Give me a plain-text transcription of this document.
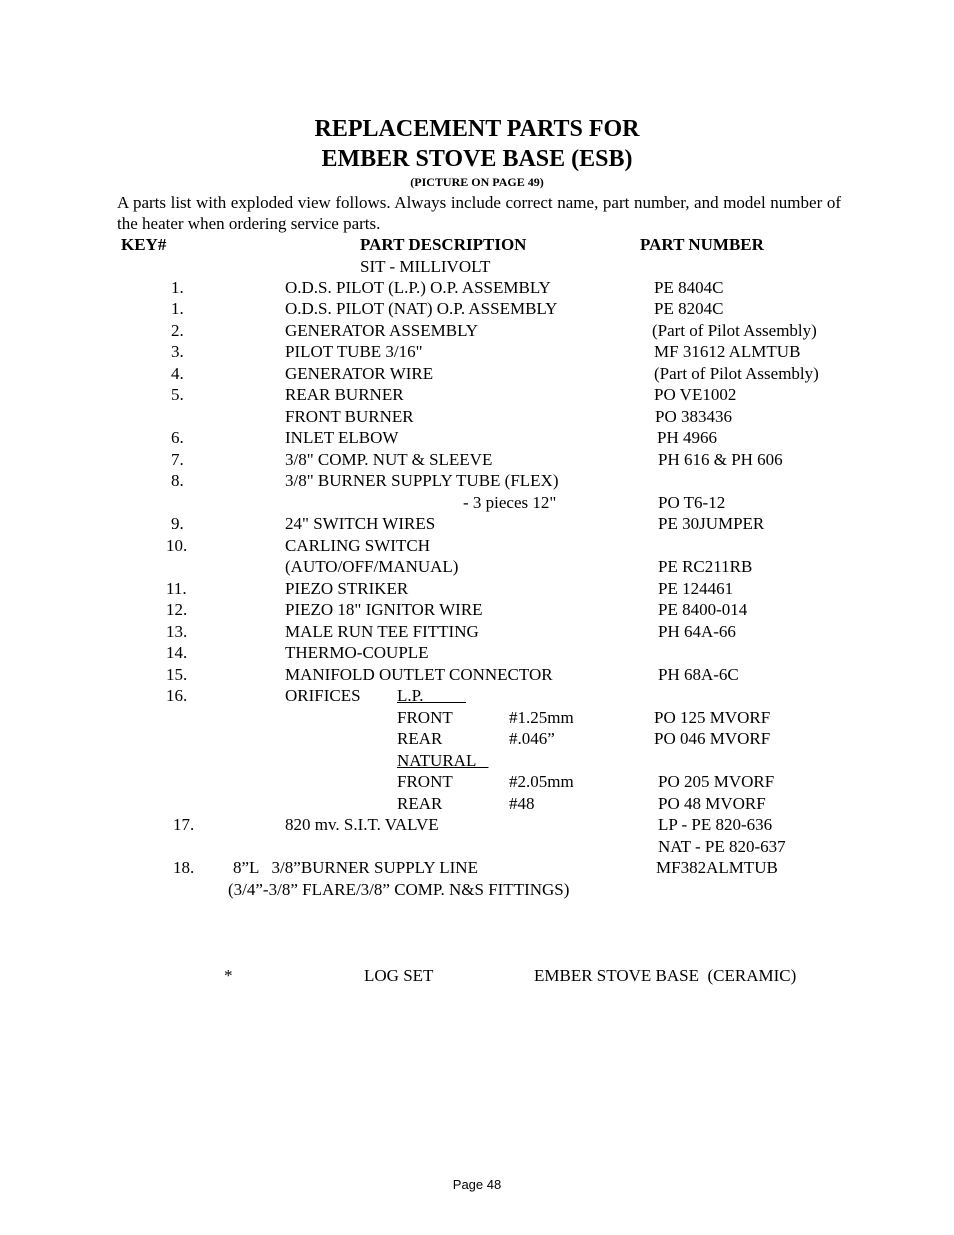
REPLACEMENT PARTS FOR
EMBER STOVE BASE (ESB)
(PICTURE ON PAGE 49)
A parts list with exploded view follows. Always include correct name, part number, and model number of the heater when ordering service parts.
KEY#	PART DESCRIPTION	PART NUMBER
SIT - MILLIVOLT
1.	O.D.S. PILOT (L.P.) O.P. ASSEMBLY	PE 8404C
1.	O.D.S. PILOT (NAT) O.P. ASSEMBLY	PE 8204C
2.	GENERATOR ASSEMBLY	(Part of Pilot Assembly)
3.	PILOT TUBE 3/16"	MF 31612 ALMTUB
4.	GENERATOR WIRE	(Part of Pilot Assembly)
5.	REAR BURNER	PO VE1002
FRONT BURNER	PO 383436
6.	INLET ELBOW	PH 4966
7.	3/8" COMP. NUT & SLEEVE	PH 616 & PH 606
8.	3/8" BURNER SUPPLY TUBE (FLEX)
- 3 pieces 12"	PO T6-12
9.	24" SWITCH WIRES	PE 30JUMPER
10.	CARLING SWITCH
(AUTO/OFF/MANUAL)	PE RC211RB
11.	PIEZO STRIKER	PE 124461
12.	PIEZO 18" IGNITOR WIRE	PE 8400-014
13.	MALE RUN TEE FITTING	PH 64A-66
14.	THERMO-COUPLE
15.	MANIFOLD OUTLET CONNECTOR	PH 68A-6C
16.	ORIFICES L.P.
FRONT	#1.25mm	PO 125 MVORF
REAR	#.046”	PO 046 MVORF
NATURAL
FRONT	#2.05mm	PO 205 MVORF
REAR	#48	PO 48 MVORF
17.	820 mv. S.I.T. VALVE	LP - PE 820-636
NAT - PE 820-637
18. 8”L   3/8”BURNER SUPPLY LINE	MF382ALMTUB
(3/4”-3/8” FLARE/3/8” COMP. N&S FITTINGS)
*	LOG SET	EMBER STOVE BASE  (CERAMIC)
Page 48
